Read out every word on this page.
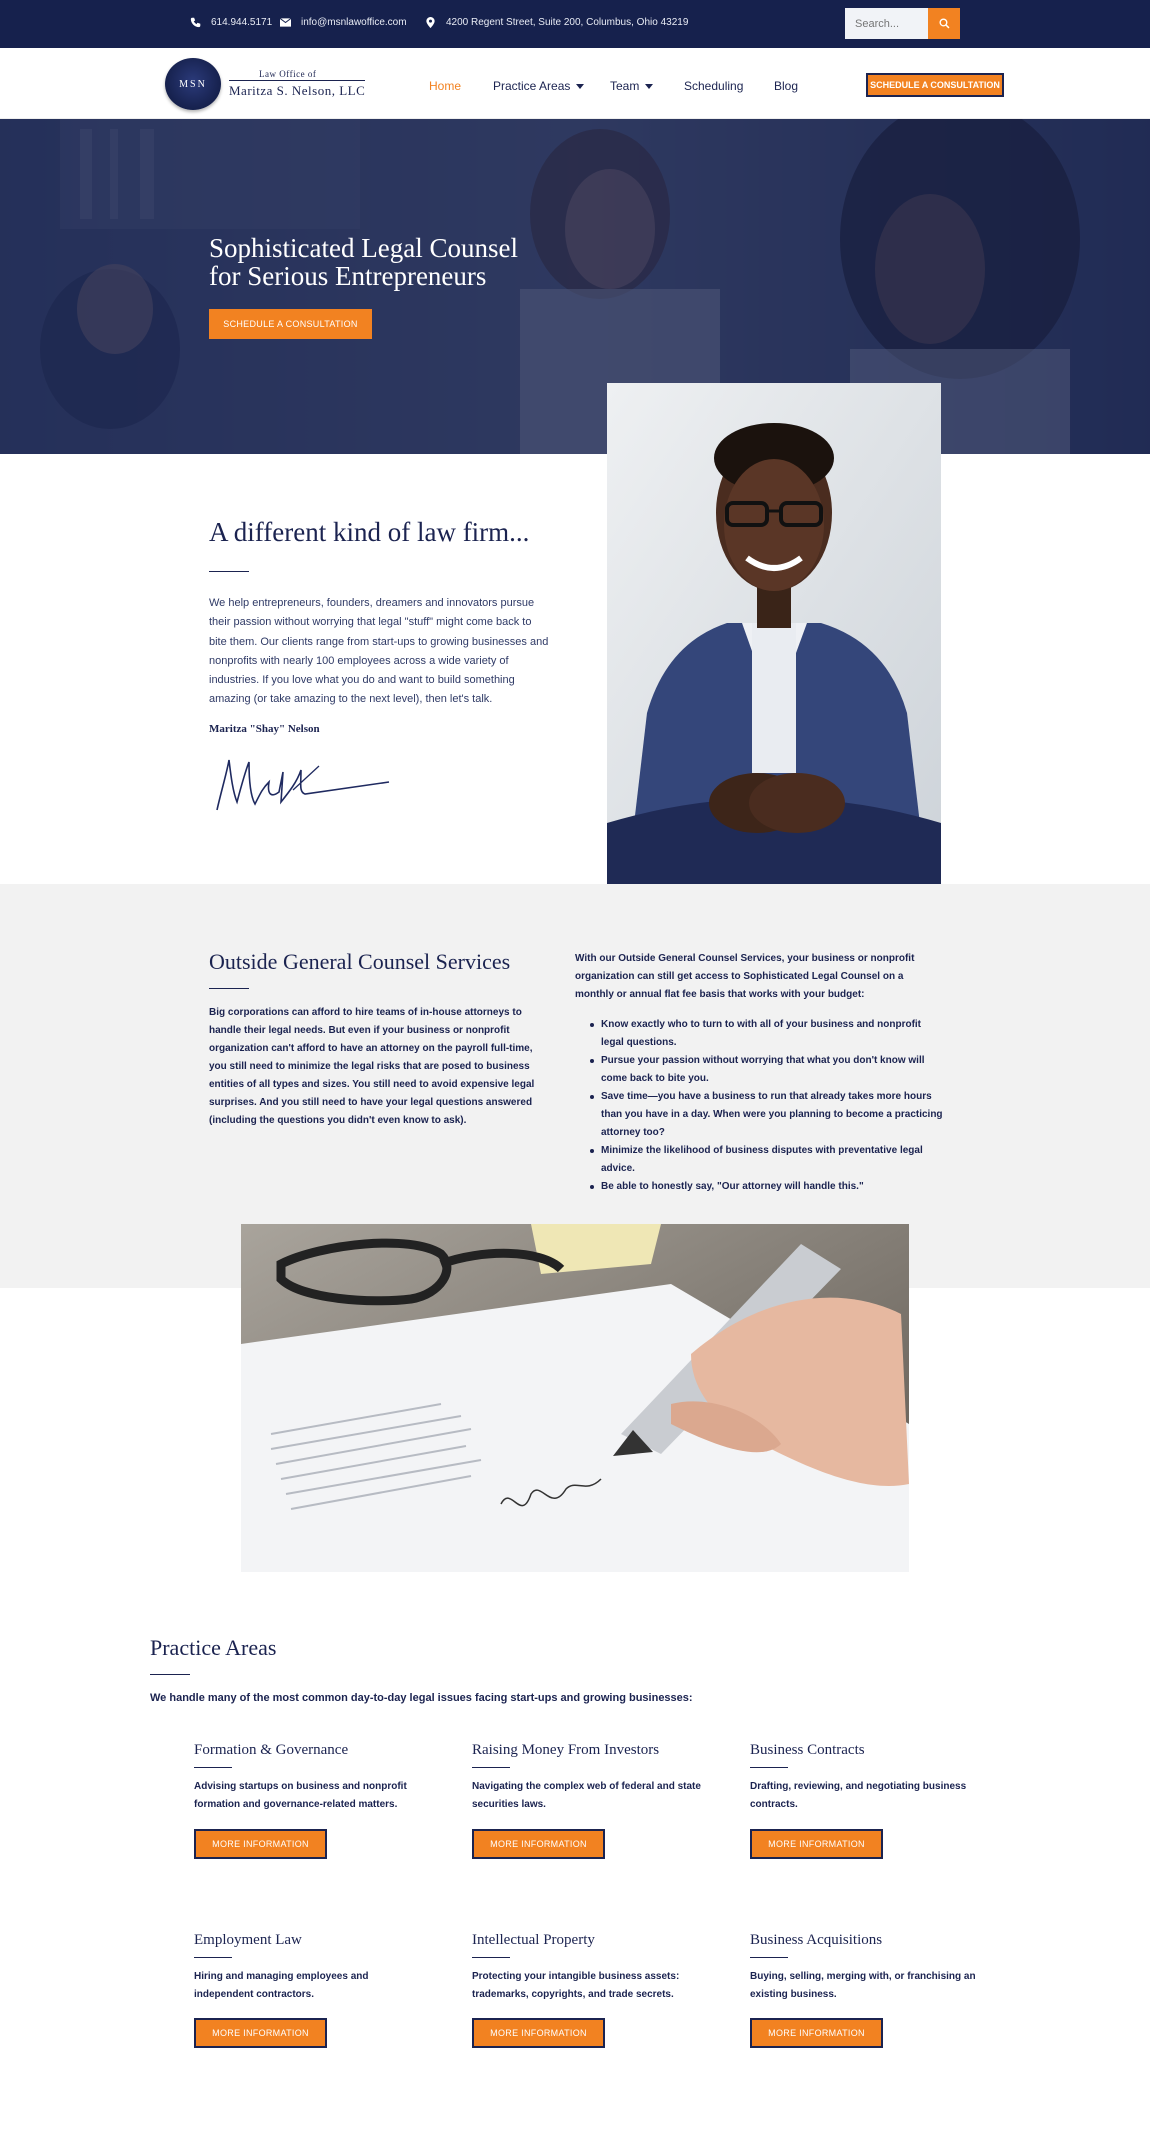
614.944.5171	info@msnlawoffice.com	4200 Regent Street, Suite 200, Columbus, Ohio 43219
Search...
MSN
Law Office of
Maritza S. Nelson, LLC	Home	Practice Areas	Team	Scheduling	Blog	SCHEDULE A CONSULTATION
Sophisticated Legal Counsel
for Serious Entrepreneurs
SCHEDULE A CONSULTATION
A different kind of law firm...
We help entrepreneurs, founders, dreamers and innovators pursue their passion without worrying that legal "stuff" might come back to bite them. Our clients range from start-ups to growing businesses and nonprofits with nearly 100 employees across a wide variety of industries. If you love what you do and want to build something amazing (or take amazing to the next level), then let's talk.
Maritza "Shay" Nelson
Outside General Counsel Services
Big corporations can afford to hire teams of in-house attorneys to handle their legal needs. But even if your business or nonprofit organization can't afford to have an attorney on the payroll full-time, you still need to minimize the legal risks that are posed to business entities of all types and sizes. You still need to avoid expensive legal surprises. And you still need to have your legal questions answered (including the questions you didn't even know to ask).
With our Outside General Counsel Services, your business or nonprofit organization can still get access to Sophisticated Legal Counsel on a monthly or annual flat fee basis that works with your budget:
Know exactly who to turn to with all of your business and nonprofit legal questions.
Pursue your passion without worrying that what you don't know will come back to bite you.
Save time—you have a business to run that already takes more hours than you have in a day. When were you planning to become a practicing attorney too?
Minimize the likelihood of business disputes with preventative legal advice.
Be able to honestly say, "Our attorney will handle this."
Practice Areas
We handle many of the most common day-to-day legal issues facing start-ups and growing businesses:
Formation & Governance
Advising startups on business and nonprofit formation and governance-related matters.
MORE INFORMATION
Raising Money From Investors
Navigating the complex web of federal and state securities laws.
MORE INFORMATION
Business Contracts
Drafting, reviewing, and negotiating business contracts.
MORE INFORMATION
Employment Law
Hiring and managing employees and independent contractors.
MORE INFORMATION
Intellectual Property
Protecting your intangible business assets: trademarks, copyrights, and trade secrets.
MORE INFORMATION
Business Acquisitions
Buying, selling, merging with, or franchising an existing business.
MORE INFORMATION
